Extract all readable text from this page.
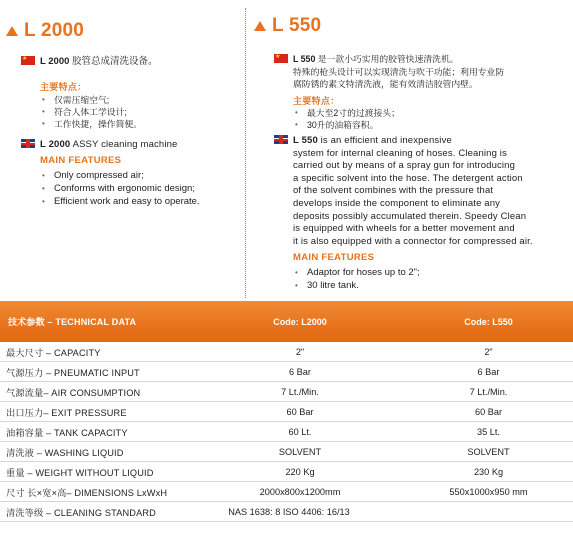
L 2000
★L 2000 胶管总成清洗设备。
主要特点：
• 仅需压缩空气;
• 符合人体工学设计;
• 工作快捷，操作简便。
L 2000 ASSY cleaning machine
MAIN FEATURES
• Only compressed air;
• Conforms with ergonomic design;
• Efficient work and easy to operate.
L 550
★L 550 是一款小巧实用的胶管快速清洗机。
特殊的枪头设计可以实现清洗与吹干功能；利用专业防
腐防锈的素文特清洗液，能有效清洁胶管内壁。
主要特点：
• 最大至2寸的过渡接头；
• 30升的油箱容积。
L 550 is an efficient and inexpensive
system for internal cleaning of hoses. Cleaning is
carried out by means of a spray gun for introducing
a specific solvent into the hose. The detergent action
of the solvent combines with the pressure that
develops inside the component to eliminate any
deposits possibly accumulated therein. Speedy Clean
is equipped with wheels for a better movement and
it is also equipped with a connector for compressed air.
MAIN FEATURES
• Adaptor for hoses up to 2";
• 30 litre tank.
技术参数 – TECHNICAL DATA	Code: L2000	Code: L550
最大尺寸 – CAPACITY	2"	2"
气源压力 – PNEUMATIC INPUT	6 Bar	6 Bar
气源流量– AIR CONSUMPTION	7 Lt./Min.	7 Lt./Min.
出口压力– EXIT PRESSURE	60 Bar	60 Bar
油箱容量 – TANK CAPACITY	60 Lt.	35 Lt.
清洗液 – WASHING LIQUID	SOLVENT	SOLVENT
重量 – WEIGHT WITHOUT LIQUID	220 Kg	230 Kg
尺寸 长×宽×高– DIMENSIONS LxWxH	2000x800x1200mm	550x1000x950 mm
清洗等级 – CLEANING STANDARD	NAS 1638: 8 ISO 4406: 16/13
